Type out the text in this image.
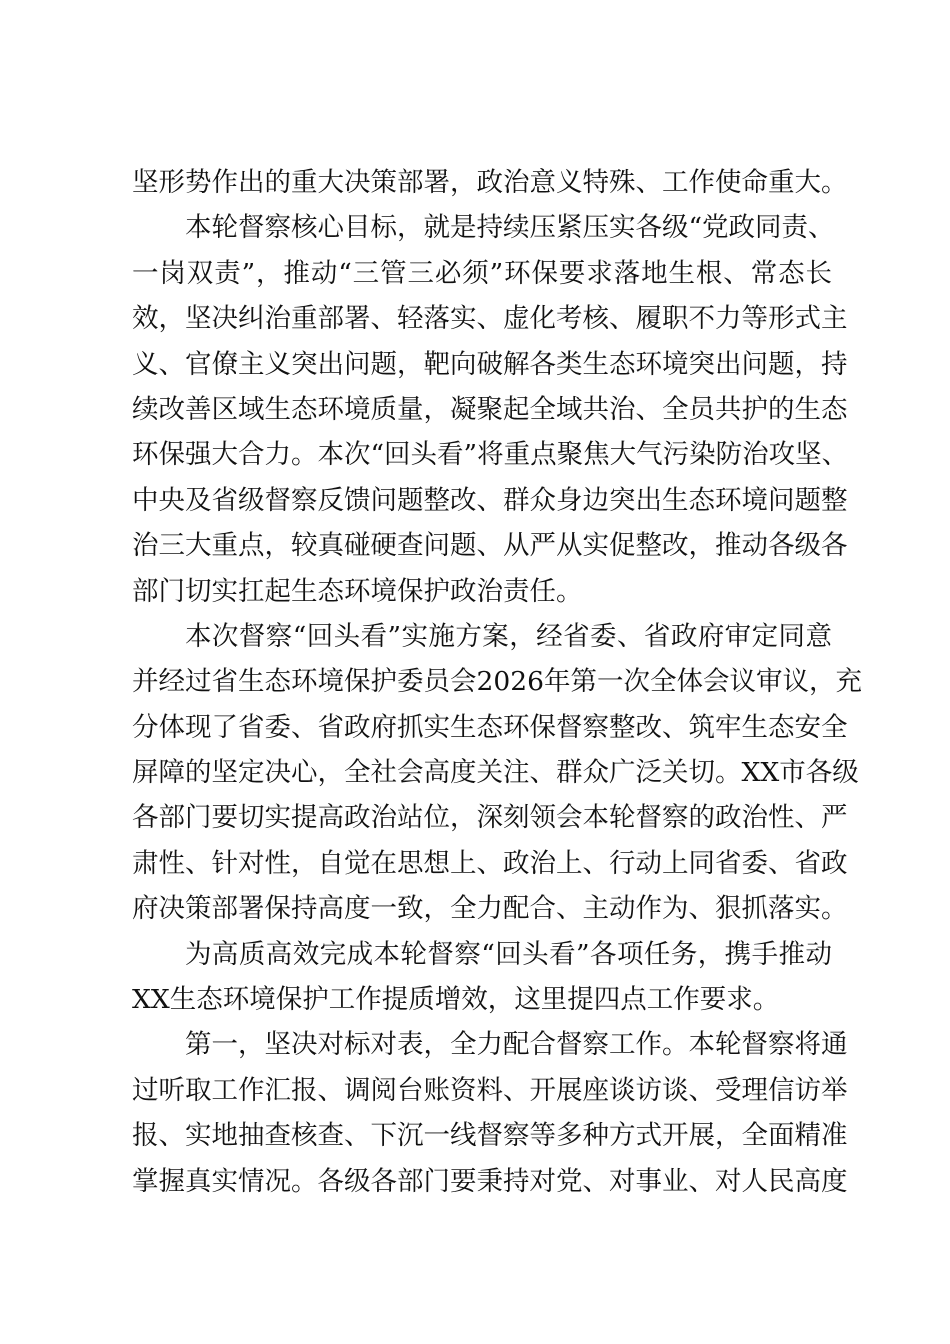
坚形势作出的重大决策部署，政治意义特殊、工作使命重大。
本轮督察核心目标，就是持续压紧压实各级“党政同责、
一岗双责”，推动“三管三必须”环保要求落地生根、常态长
效，坚决纠治重部署、轻落实、虚化考核、履职不力等形式主
义、官僚主义突出问题，靶向破解各类生态环境突出问题，持
续改善区域生态环境质量，凝聚起全域共治、全员共护的生态
环保强大合力。本次“回头看”将重点聚焦大气污染防治攻坚、
中央及省级督察反馈问题整改、群众身边突出生态环境问题整
治三大重点，较真碰硬查问题、从严从实促整改，推动各级各
部门切实扛起生态环境保护政治责任。
本次督察“回头看”实施方案，经省委、省政府审定同意
并经过省生态环境保护委员会2026年第一次全体会议审议，充
分体现了省委、省政府抓实生态环保督察整改、筑牢生态安全
屏障的坚定决心，全社会高度关注、群众广泛关切。XX市各级
各部门要切实提高政治站位，深刻领会本轮督察的政治性、严
肃性、针对性，自觉在思想上、政治上、行动上同省委、省政
府决策部署保持高度一致，全力配合、主动作为、狠抓落实。
为高质高效完成本轮督察“回头看”各项任务，携手推动
XX生态环境保护工作提质增效，这里提四点工作要求。
第一，坚决对标对表，全力配合督察工作。本轮督察将通
过听取工作汇报、调阅台账资料、开展座谈访谈、受理信访举
报、实地抽查核查、下沉一线督察等多种方式开展，全面精准
掌握真实情况。各级各部门要秉持对党、对事业、对人民高度
